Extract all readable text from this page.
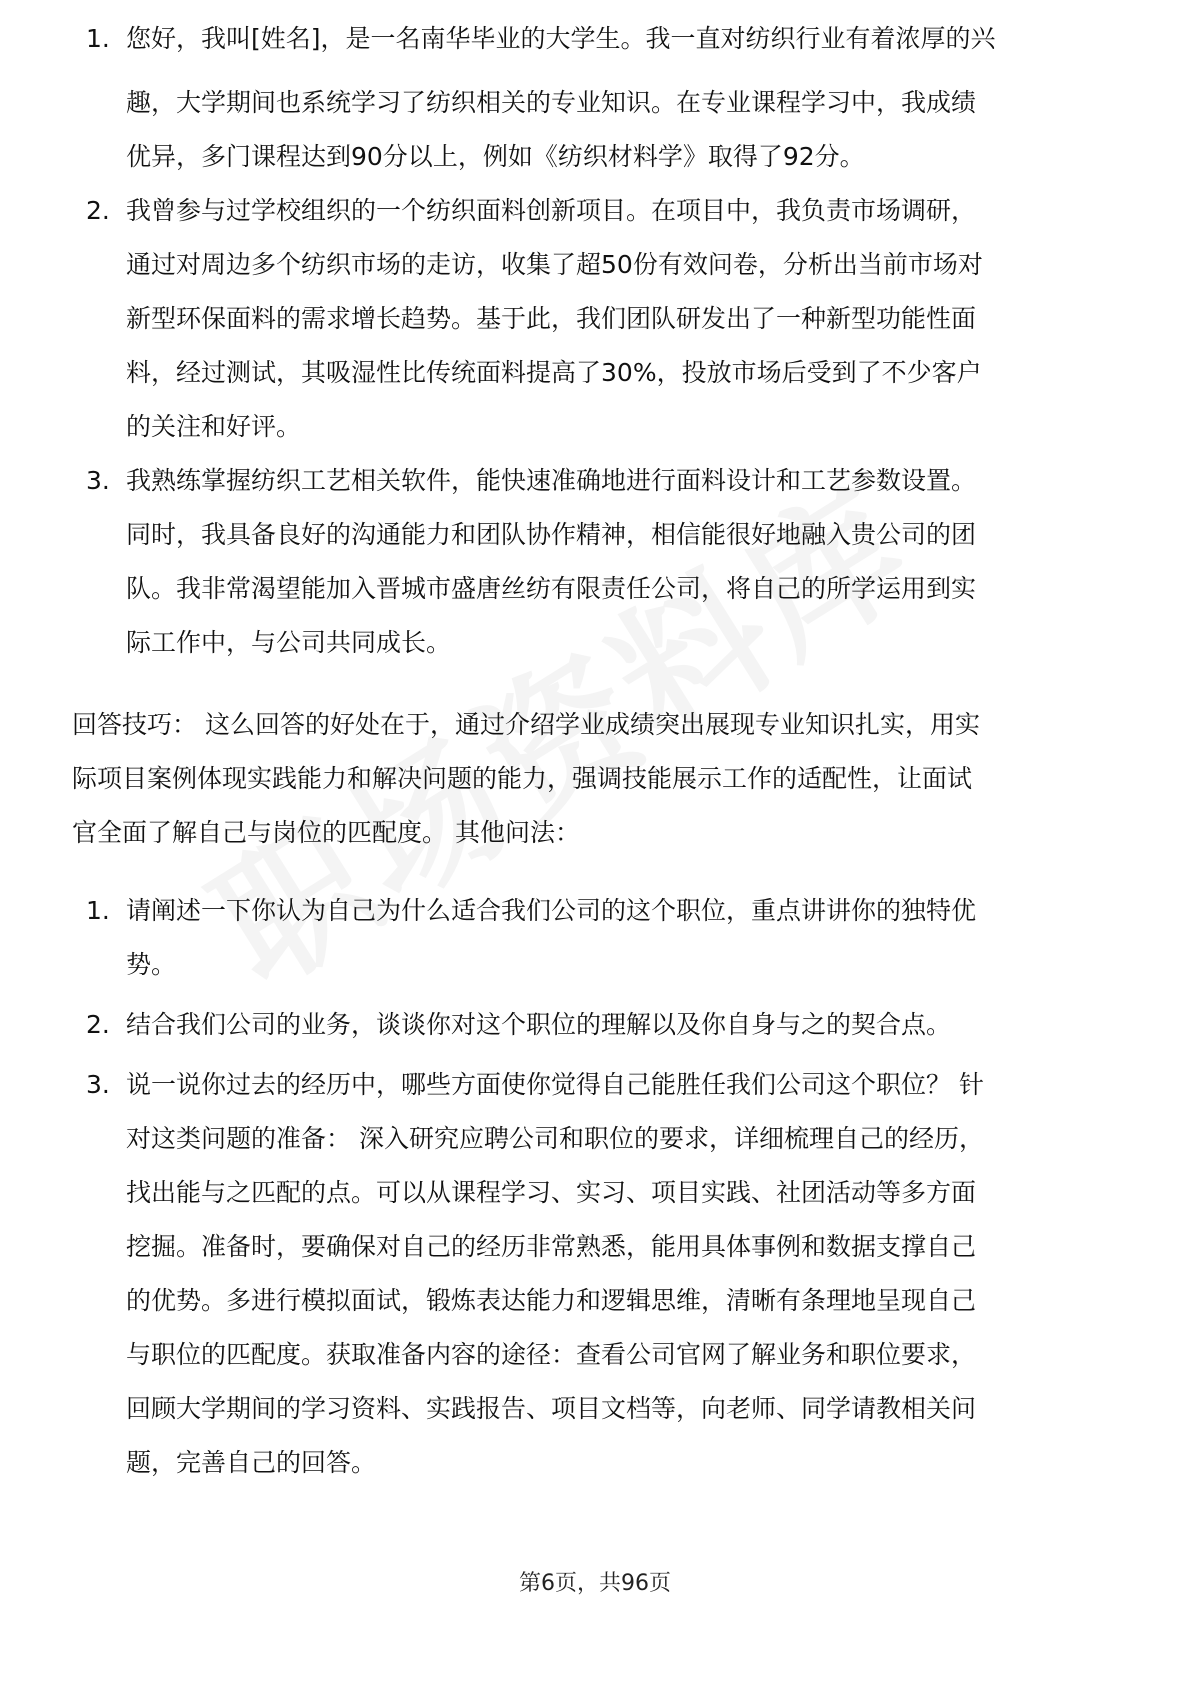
1. 您好，我叫[姓名]，是一名南华毕业的大学生。我一直对纺织行业有着浓厚的兴
趣，大学期间也系统学习了纺织相关的专业知识。在专业课程学习中，我成绩
优异，多门课程达到90分以上，例如《纺织材料学》取得了92分。
2. 我曾参与过学校组织的一个纺织面料创新项目。在项目中，我负责市场调研，
通过对周边多个纺织市场的走访，收集了超50份有效问卷，分析出当前市场对
新型环保面料的需求增长趋势。基于此，我们团队研发出了一种新型功能性面
料，经过测试，其吸湿性比传统面料提高了30%，投放市场后受到了不少客户
的关注和好评。
3. 我熟练掌握纺织工艺相关软件，能快速准确地进行面料设计和工艺参数设置。
同时，我具备良好的沟通能力和团队协作精神，相信能很好地融入贵公司的团
队。我非常渴望能加入晋城市盛唐丝纺有限责任公司，将自己的所学运用到实
际工作中，与公司共同成长。
回答技巧： 这么回答的好处在于，通过介绍学业成绩突出展现专业知识扎实，用实
际项目案例体现实践能力和解决问题的能力，强调技能展示工作的适配性，让面试
官全面了解自己与岗位的匹配度。 其他问法：
1. 请阐述一下你认为自己为什么适合我们公司的这个职位，重点讲讲你的独特优
势。
2. 结合我们公司的业务，谈谈你对这个职位的理解以及你自身与之的契合点。
3. 说一说你过去的经历中，哪些方面使你觉得自己能胜任我们公司这个职位？ 针
对这类问题的准备： 深入研究应聘公司和职位的要求，详细梳理自己的经历，
找出能与之匹配的点。可以从课程学习、实习、项目实践、社团活动等多方面
挖掘。准备时，要确保对自己的经历非常熟悉，能用具体事例和数据支撑自己
的优势。多进行模拟面试，锻炼表达能力和逻辑思维，清晰有条理地呈现自己
与职位的匹配度。获取准备内容的途径：查看公司官网了解业务和职位要求，
回顾大学期间的学习资料、实践报告、项目文档等，向老师、同学请教相关问
题，完善自己的回答。
第6页，共96页
